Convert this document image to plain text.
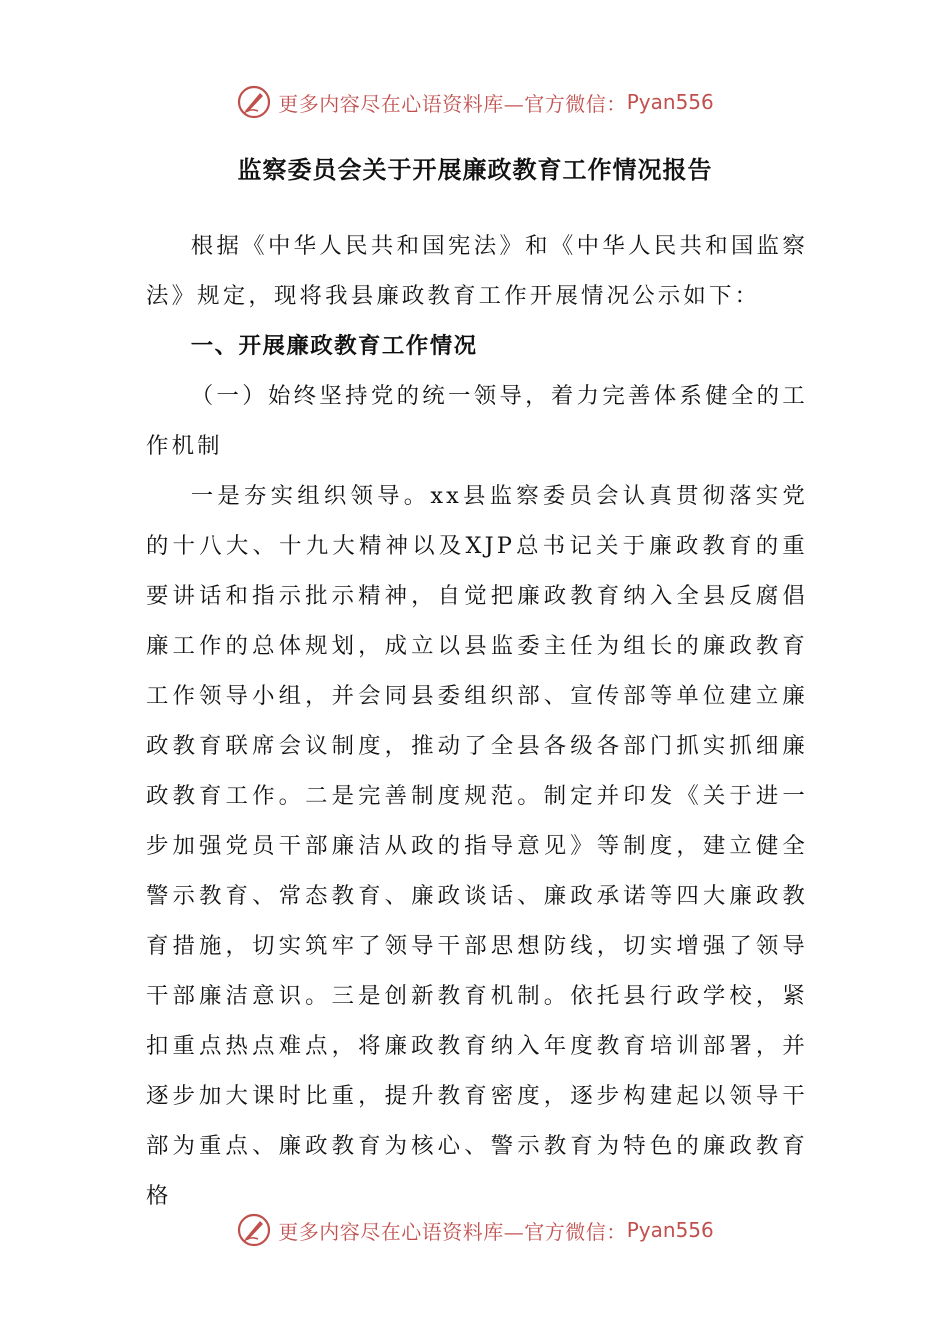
更多内容尽在心语资料库—官方微信： Pyan556
监察委员会关于开展廉政教育工作情况报告

根据《中华人民共和国宪法》和《中华人民共和国监察法》规定，现将我县廉政教育工作开展情况公示如下：

一、开展廉政教育工作情况

（一）始终坚持党的统一领导，着力完善体系健全的工作机制

一是夯实组织领导。xx县监察委员会认真贯彻落实党的十八大、十九大精神以及XJP总书记关于廉政教育的重要讲话和指示批示精神，自觉把廉政教育纳入全县反腐倡廉工作的总体规划，成立以县监委主任为组长的廉政教育工作领导小组，并会同县委组织部、宣传部等单位建立廉政教育联席会议制度，推动了全县各级各部门抓实抓细廉政教育工作。二是完善制度规范。制定并印发《关于进一步加强党员干部廉洁从政的指导意见》等制度，建立健全警示教育、常态教育、廉政谈话、廉政承诺等四大廉政教育措施，切实筑牢了领导干部思想防线，切实增强了领导干部廉洁意识。三是创新教育机制。依托县行政学校，紧扣重点热点难点，将廉政教育纳入年度教育培训部署，并逐步加大课时比重，提升教育密度，逐步构建起以领导干部为重点、廉政教育为核心、警示教育为特色的廉政教育格

更多内容尽在心语资料库—官方微信： Pyan556
